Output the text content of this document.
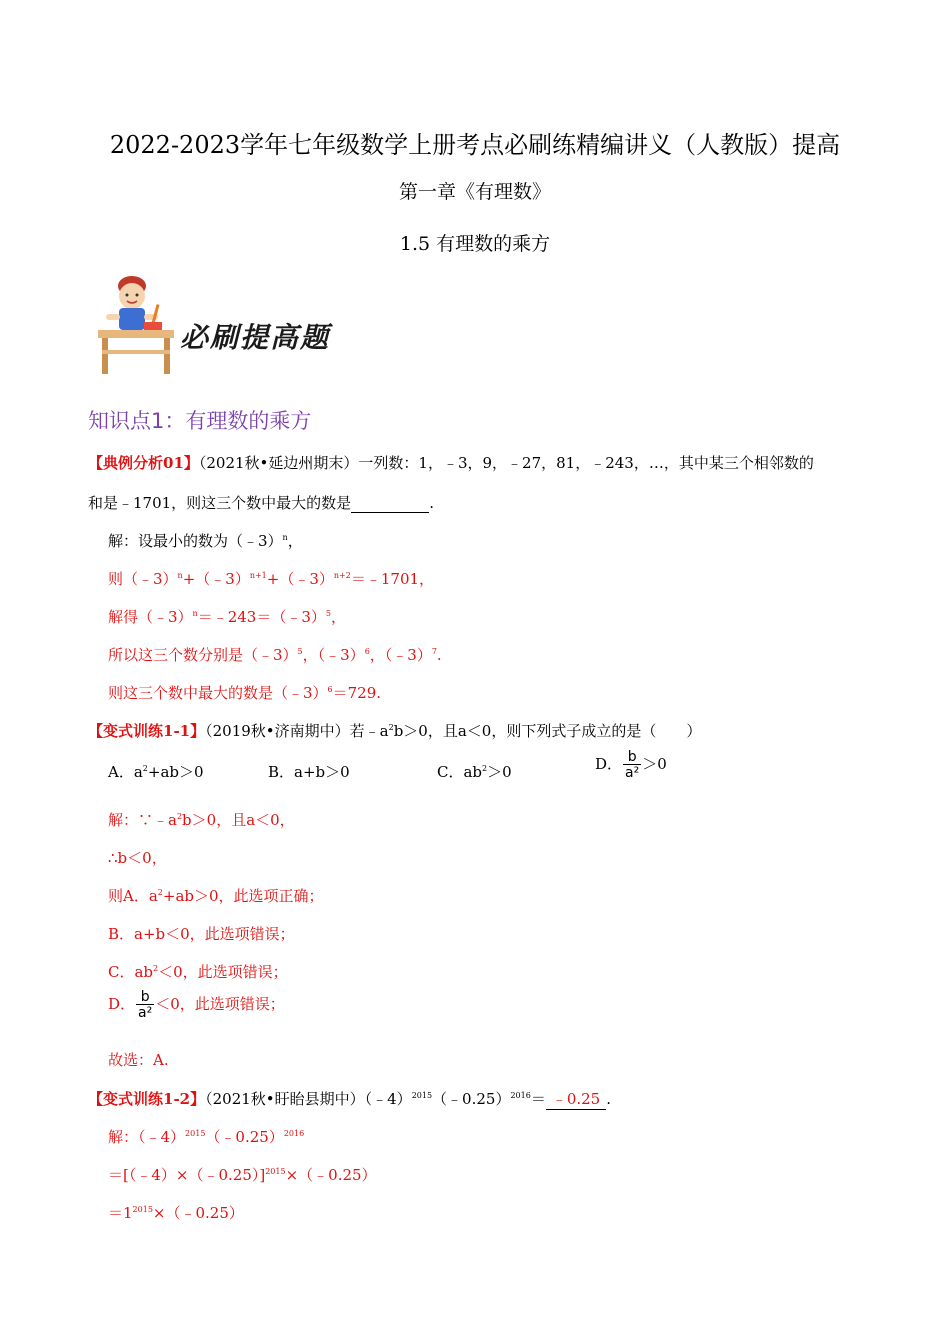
2022-2023学年七年级数学上册考点必刷练精编讲义（人教版）提高
第一章《有理数》
1.5 有理数的乘方
必刷提高题
知识点1：有理数的乘方
【典例分析01】（2021秋•延边州期末）一列数：1，﹣3，9，﹣27，81，﹣243，…，其中某三个相邻数的
和是﹣1701，则这三个数中最大的数是	.
解：设最小的数为（﹣3）$^n$，
则（﹣3）$^n$+（﹣3）$^{n+1}$+（﹣3）$^{n+2}$＝﹣1701，
解得（﹣3）$^n$＝﹣243＝（﹣3）$^5$，
所以这三个数分别是（﹣3）$^5$，（﹣3）$^6$，（﹣3）$^7$.
则这三个数中最大的数是（﹣3）$^6$＝729.
【变式训练1-1】（2019秋•济南期中）若$﹣a^2b>0$，且a＜0，则下列式子成立的是（　　）
A．$a^2+ab>0$	B．a+b＞0	C．$ab^2>0$	D． $\frac{b}{\text{a²}} >0$
解：$\because﹣a^2b>0$，且a＜0，
∴b＜0，
则A．$a^2+ab>0$，此选项正确；
B．a+b＜0，此选项错误；
C．$ab^2<0$，此选项错误；
D． $\frac{b}{\text{a²}} <0$，此选项错误；
故选：A.
【变式训练1-2】（2021秋•盱眙县期中）（﹣4）$^{2015}$（﹣0.25）$^{2016}$＝ ﹣0.25 .
解：（﹣4）$^{2015}$（﹣0.25）$^{2016}$
＝[（﹣4）×（﹣0.25）]$^{2015}$×（﹣0.25）
$=1^{2015}\times(﹣0.25)$
